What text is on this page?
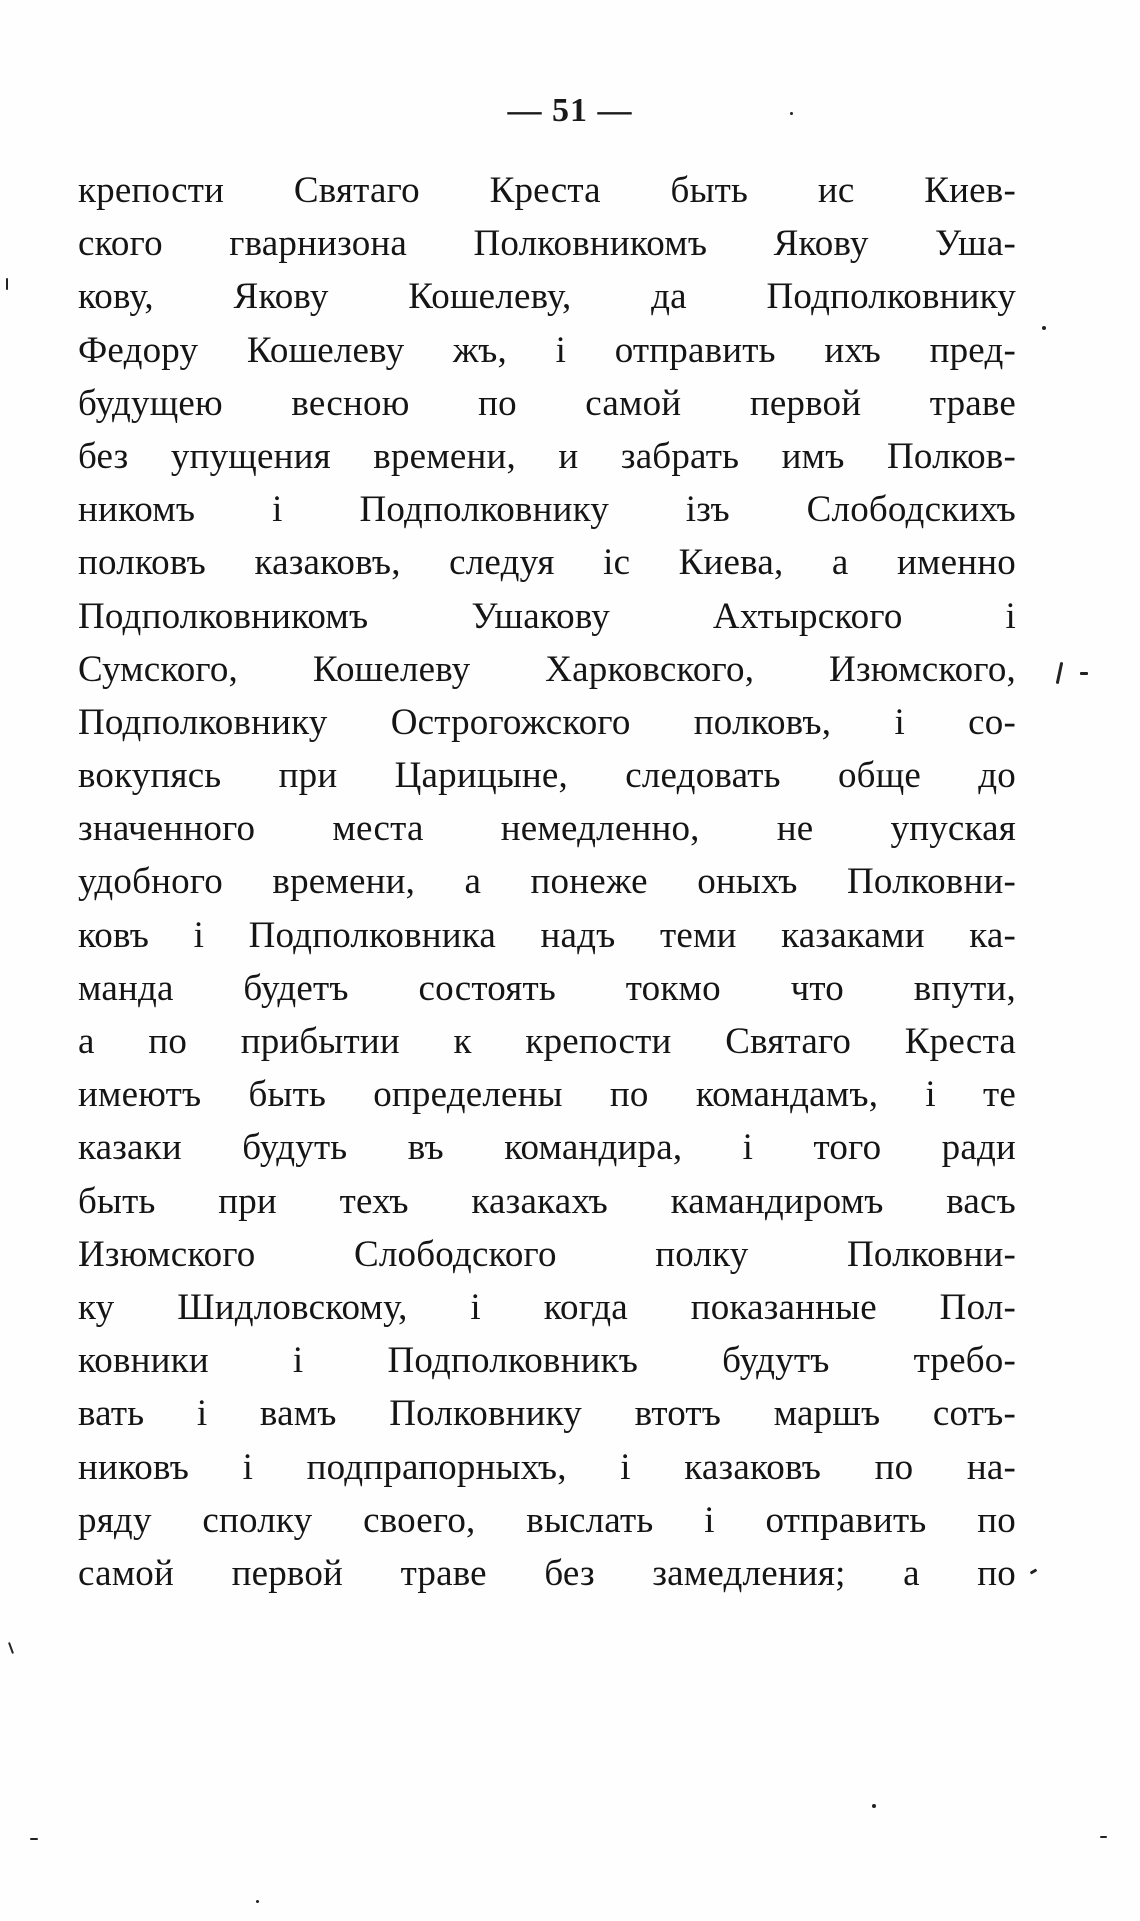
— 51 —
крепости Святаго Креста быть ис Киев-
ского гварнизона Полковникомъ Якову Уша-
кову, Якову Кошелеву, да Подполковнику
Федору Кошелеву жъ, і отправить ихъ пред-
будущею весною по самой первой траве
без упущения времени, и забрать имъ Полков-
никомъ і Подполковнику ізъ Слободскихъ
полковъ казаковъ, следуя іс Киева, а именно
Подполковникомъ Ушакову Ахтырского і
Сумского, Кошелеву Харковского, Изюмского,
Подполковнику Острогожского полковъ, і со-
вокупясь при Царицыне, следовать обще до
значенного места немедленно, не упуская
удобного времени, а понеже оныхъ Полковни-
ковъ і Подполковника надъ теми казаками ка-
манда будетъ состоять токмо что впути,
а по прибытии к крепости Святаго Креста
имеютъ быть определены по командамъ, і те
казаки будуть въ командира, і того ради
быть при техъ казакахъ камандиромъ васъ
Изюмского Слободского полку Полковни-
ку Шидловскому, і когда показанные Пол-
ковники і Подполковникъ будутъ требо-
вать і вамъ Полковнику втотъ маршъ сотъ-
никовъ і подпрапорныхъ, і казаковъ по на-
ряду сполку своего, выслать і отправить по
самой первой траве без замедления; а по
